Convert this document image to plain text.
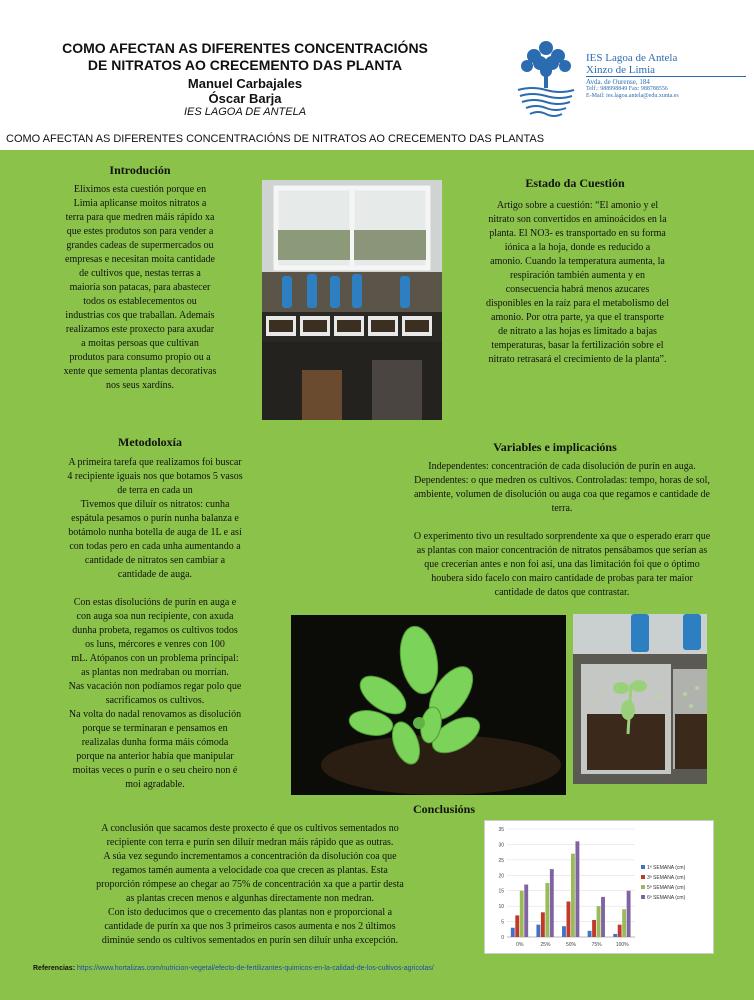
COMO AFECTAN AS DIFERENTES CONCENTRACIÓNS
DE NITRATOS AO CRECEMENTO DAS PLANTA
Manuel Carbajales
Óscar Barja
IES LAGOA DE ANTELA
IES Lagoa de Antela
Xinzo de Limia
Avda. de Ourense, 184
Telf.: 988998849 Fax: 988788556
E-Mail: ies.lagoa.antela@edu.xunta.es
COMO AFECTAN AS DIFERENTES CONCENTRACIÓNS DE NITRATOS AO CRECEMENTO DAS PLANTAS
Introdución
Eliximos esta cuestión porque en
Limia aplicanse moitos nitratos a
terra para que medren máis rápido xa
que estes produtos son para vender a
grandes cadeas de supermercados ou
empresas e necesitan moita cantidade
de cultivos que, nestas terras a
maioría son patacas, para abastecer
todos os establecementos ou
industrias cos que traballan. Ademais
realizamos este proxecto para axudar
a moitas persoas que cultivan
produtos para consumo propio ou a
xente que sementa plantas decorativas
nos seus xardíns.
Estado da Cuestión
Artigo sobre a cuestión: “El amonio y el
nitrato son convertidos en aminoácidos en la
planta. El NO3- es transportado en su forma
iónica a la hoja, donde es reducido a
amonio. Cuando la temperatura aumenta, la
respiración también aumenta y en
consecuencia habrá menos azucares
disponibles en la raíz para el metabolismo del
amonio. Por otra parte, ya que el transporte
de nitrato a las hojas es limitado a bajas
temperaturas, basar la fertilización sobre el
nitrato retrasará el crecimiento de la planta”.
Metodoloxía
A primeira tarefa que realizamos foi buscar
4 recipiente iguais nos que botamos 5 vasos
de terra en cada un
Tivemos que diluír os nitratos: cunha
espátula pesamos o purín nunha balanza e
botámolo nunha botella de auga de 1L e así
con todas pero en cada unha aumentando a
cantidade de nitratos sen cambiar a
cantidade de auga.

Con estas disolucións de purín en auga e
con auga soa nun recipiente, con axuda
dunha probeta, regamos os cultivos todos
os luns, mércores e venres con 100
mL. Atópanos con un problema principal:
as plantas non medraban ou morrían.
Nas vacación non podíamos regar polo que
sacrificamos os cultivos.
Na volta do nadal renovamos as disolución
porque se terminaran e pensamos en
realizalas dunha forma máis cómoda
porque na anterior había que manipular
moitas veces o purín e o seu cheiro non é
moi agradable.
Variables e implicacións
Independentes: concentración de cada disolución de purín en auga.
Dependentes: o que medren os cultivos. Controladas: tempo, horas de sol,
ambiente, volumen de disolución ou auga coa que regamos e cantidade de
terra.

O experimento tivo un resultado sorprendente xa que o esperado erarr que
as plantas con maior concentración de nitratos pensábamos que serían as
que crecerían antes e non foi así, una das limitación foi que o óptimo
houbera sido facelo con mairo cantidade de probas para ter maior
cantidade de datos que contrastar.
Conclusións
A conclusión que sacamos deste proxecto é que os cultivos sementados no
recipiente con terra e purín sen diluír medran máis rápido que as outras.
A súa vez segundo incrementamos a concentración da disolución coa que
regamos tamén aumenta a velocidade coa que crecen as plantas. Esta
proporción rómpese ao chegar ao 75% de concentración xa que a partir desta
as plantas crecen menos e algunhas directamente non medran.
Con isto deducimos que o crecemento das plantas non e proporcional a
cantidade de purín xa que nos 3 primeiros casos aumenta e nos 2 últimos
diminúe sendo os cultivos sementados en purín sen diluír unha excepción.	0
5
10
15
20
25
30
35
0%	25%	50%	75%	100%
1ª SEMANA (cm)
3ª SEMANA (cm)
5ª SEMANA (cm)
6ª SEMANA (cm)
Referencias: https://www.hortalizas.com/nutricion-vegetal/efecto-de-fertilizantes-quimicos-en-la-calidad-de-los-cultivos-agricolas/
